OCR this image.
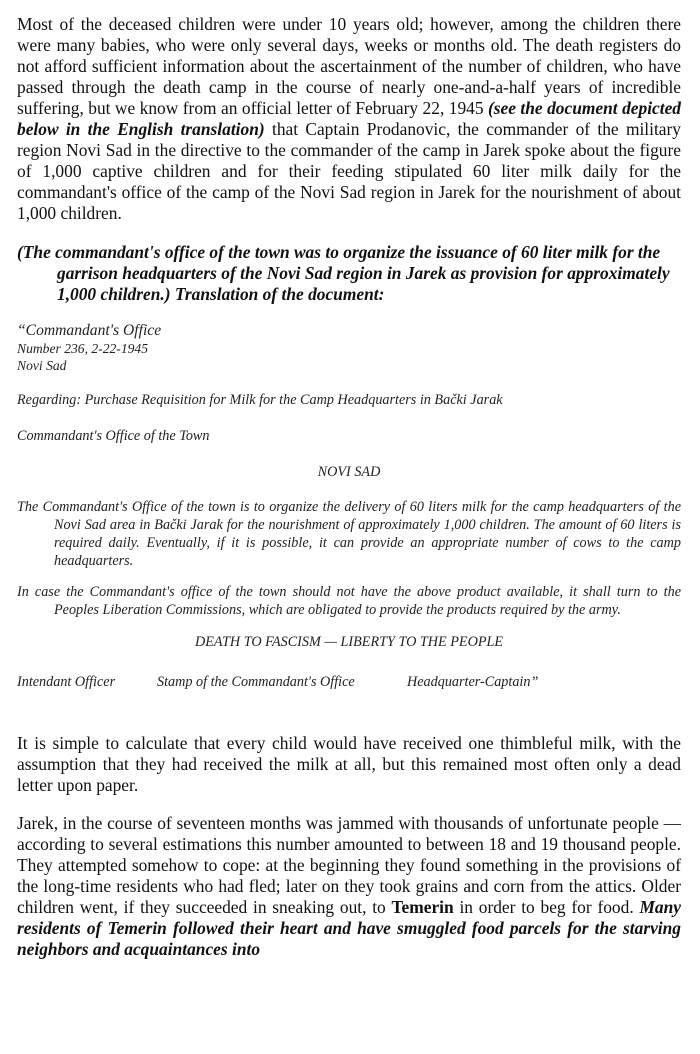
Most of the deceased children were under 10 years old; however, among the children there were many babies, who were only several days, weeks or months old. The death registers do not afford sufficient information about the ascertainment of the number of children, who have passed through the death camp in the course of nearly one-and-a-half years of incredible suffering, but we know from an official letter of February 22, 1945 (see the document depicted below in the English translation) that Captain Prodanovic, the commander of the military region Novi Sad in the directive to the commander of the camp in Jarek spoke about the figure of 1,000 captive children and for their feeding stipulated 60 liter milk daily for the commandant's office of the camp of the Novi Sad region in Jarek for the nourishment of about 1,000 children.

(The commandant's office of the town was to organize the issuance of 60 liter milk for the garrison headquarters of the Novi Sad region in Jarek as provision for approximately 1,000 children.) Translation of the document:

“Commandant's Office

Number 236, 2-22-1945

Novi Sad

Regarding: Purchase Requisition for Milk for the Camp Headquarters in Bački Jarak

Commandant's Office of the Town

NOVI SAD

The Commandant's Office of the town is to organize the delivery of 60 liters milk for the camp headquarters of the Novi Sad area in Bački Jarak for the nourishment of approximately 1,000 children. The amount of 60 liters is required daily. Eventually, if it is possible, it can provide an appropriate number of cows to the camp headquarters.

In case the Commandant's office of the town should not have the above product available, it shall turn to the Peoples Liberation Commissions, which are obligated to provide the products required by the army.

DEATH TO FASCISM — LIBERTY TO THE PEOPLE

Intendant Officer	Stamp of the Commandant's Office	Headquarter-Captain”

It is simple to calculate that every child would have received one thimbleful milk, with the assumption that they had received the milk at all, but this remained most often only a dead letter upon paper.

Jarek, in the course of seventeen months was jammed with thousands of unfortunate people — according to several estimations this number amounted to between 18 and 19 thousand people. They attempted somehow to cope: at the beginning they found something in the provisions of the long-time residents who had fled; later on they took grains and corn from the attics. Older children went, if they succeeded in sneaking out, to Temerin in order to beg for food. Many residents of Temerin followed their heart and have smuggled food parcels for the starving neighbors and acquaintances into
